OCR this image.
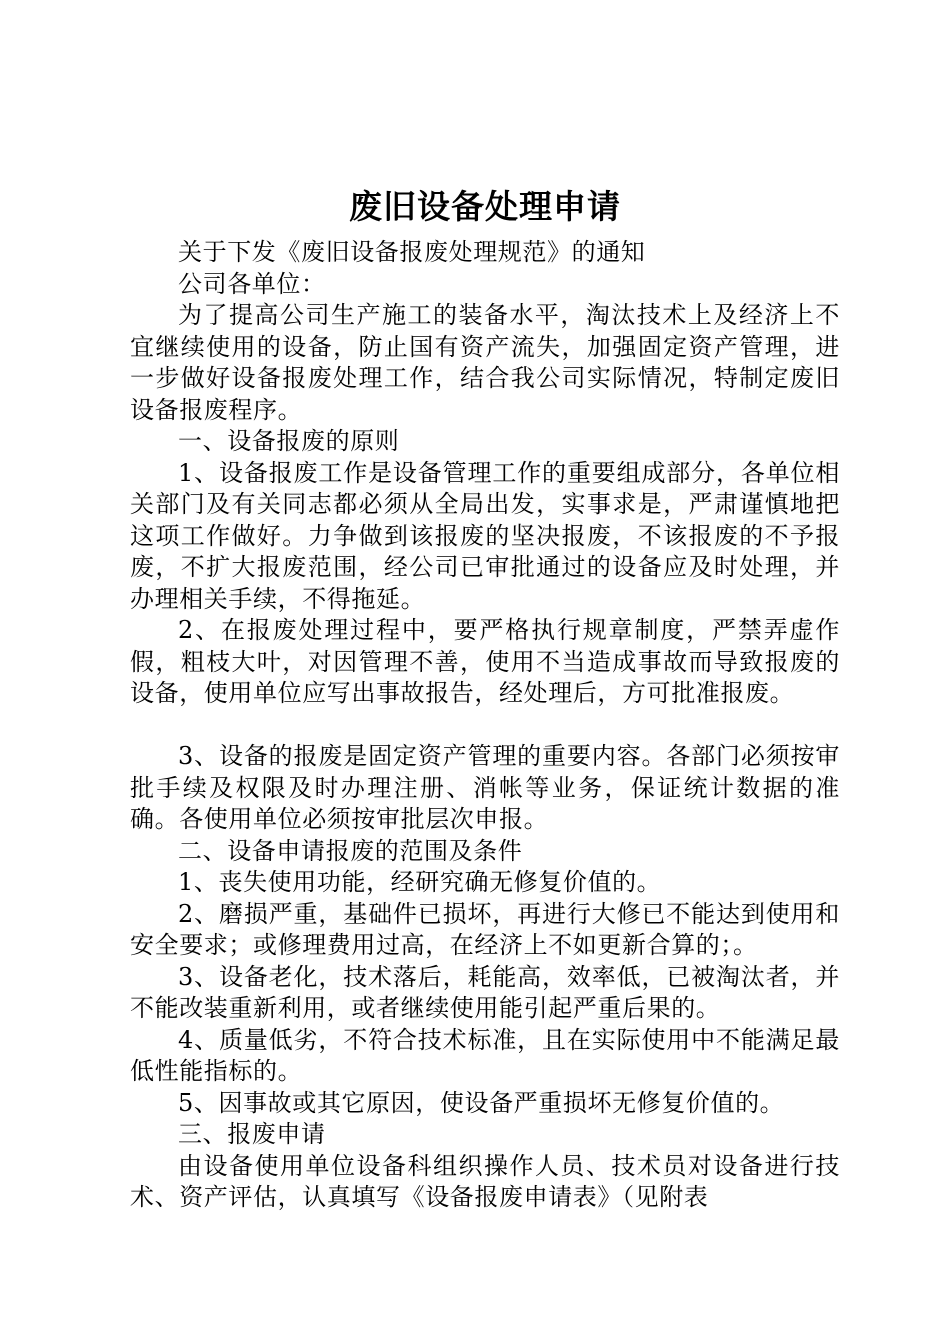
废旧设备处理申请

关于下发《废旧设备报废处理规范》的通知

公司各单位：

为了提高公司生产施工的装备水平，淘汰技术上及经济上不宜继续使用的设备，防止国有资产流失，加强固定资产管理，进一步做好设备报废处理工作，结合我公司实际情况，特制定废旧设备报废程序。

一、设备报废的原则

1、设备报废工作是设备管理工作的重要组成部分，各单位相关部门及有关同志都必须从全局出发，实事求是，严肃谨慎地把这项工作做好。力争做到该报废的坚决报废，不该报废的不予报废，不扩大报废范围，经公司已审批通过的设备应及时处理，并办理相关手续，不得拖延。

2、在报废处理过程中，要严格执行规章制度，严禁弄虚作假，粗枝大叶，对因管理不善，使用不当造成事故而导致报废的设备，使用单位应写出事故报告，经处理后，方可批准报废。

3、设备的报废是固定资产管理的重要内容。各部门必须按审批手续及权限及时办理注册、消帐等业务，保证统计数据的准确。各使用单位必须按审批层次申报。

二、设备申请报废的范围及条件

1、丧失使用功能，经研究确无修复价值的。

2、磨损严重，基础件已损坏，再进行大修已不能达到使用和安全要求；或修理费用过高，在经济上不如更新合算的；。

3、设备老化，技术落后，耗能高，效率低，已被淘汰者，并不能改装重新利用，或者继续使用能引起严重后果的。

4、质量低劣，不符合技术标准，且在实际使用中不能满足最低性能指标的。

5、因事故或其它原因，使设备严重损坏无修复价值的。

三、报废申请

由设备使用单位设备科组织操作人员、技术员对设备进行技术、资产评估，认真填写《设备报废申请表》（见附表
